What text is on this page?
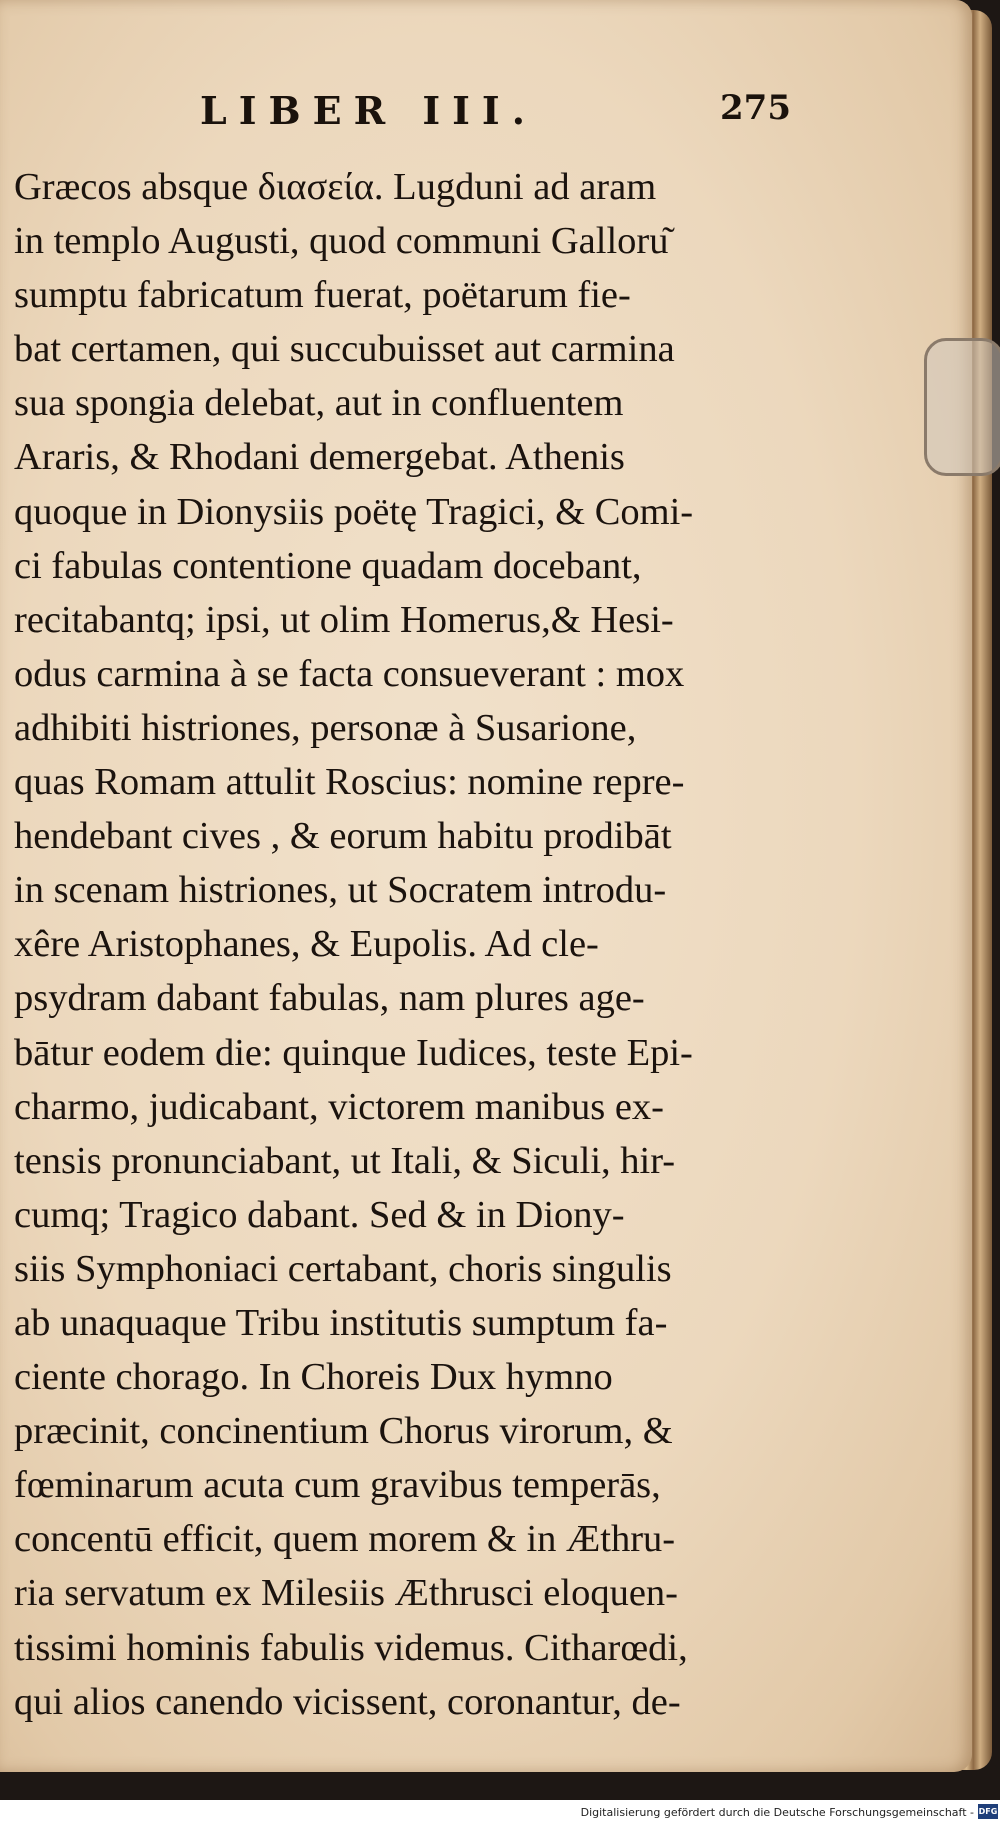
LIBER III.	275
Græcos absque διασεία. Lugduni ad aram
in templo Augusti, quod communi Galloru͂
sumptu fabricatum fuerat, poëtarum fie-
bat certamen, qui succubuisset aut carmina
sua spongia delebat, aut in confluentem
Araris, & Rhodani demergebat. Athenis
quoque in Dionysiis poëtę Tragici, & Comi-
ci fabulas contentione quadam docebant,
recitabantq; ipsi, ut olim Homerus,& Hesi-
odus carmina à se facta consueverant : mox
adhibiti histriones, personæ à Susarione,
quas Romam attulit Roscius: nomine repre-
hendebant cives , & eorum habitu prodibāt
in scenam histriones, ut Socratem introdu-
xêre Aristophanes, & Eupolis. Ad cle-
psydram dabant fabulas, nam plures age-
bātur eodem die: quinque Iudices, teste Epi-
charmo, judicabant, victorem manibus ex-
tensis pronunciabant, ut Itali, & Siculi, hir-
cumq; Tragico dabant. Sed & in Diony-
siis Symphoniaci certabant, choris singulis
ab unaquaque Tribu institutis sumptum fa-
ciente chorago. In Choreis Dux hymno
præcinit, concinentium Chorus virorum, &
fœminarum acuta cum gravibus temperās,
concentū efficit, quem morem & in Æthru-
ria servatum ex Milesiis Æthrusci eloquen-
tissimi hominis fabulis videmus. Citharœdi,
qui alios canendo vicissent, coronantur, de-
Digitalisierung gefördert durch die Deutsche Forschungsgemeinschaft - DFG
